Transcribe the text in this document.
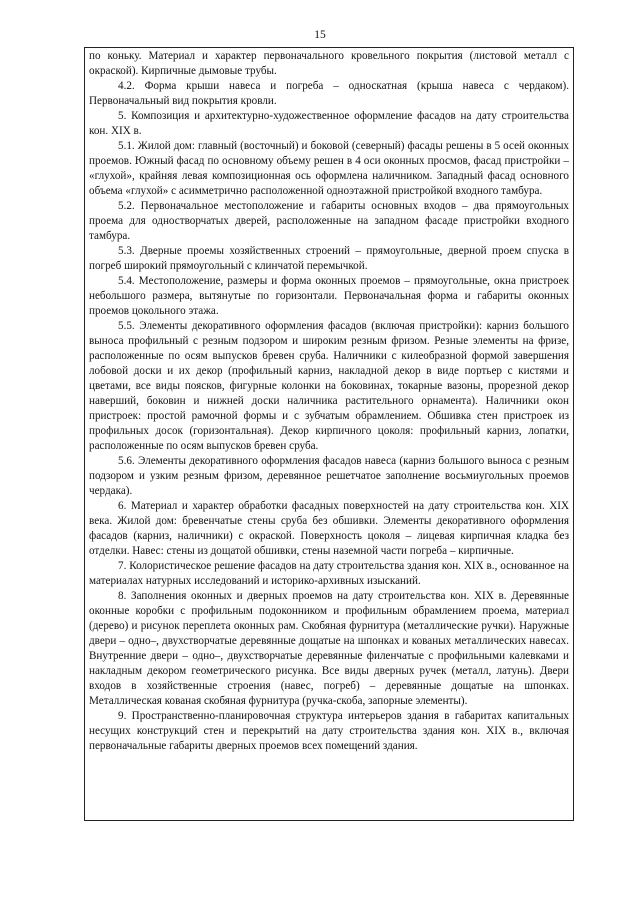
15

по коньку. Материал и характер первоначального кровельного покрытия (листовой металл с окраской). Кирпичные дымовые трубы.

4.2. Форма крыши навеса и погреба – односкатная (крыша навеса с чердаком). Первоначальный вид покрытия кровли.

5. Композиция и архитектурно-художественное оформление фасадов на дату строительства кон. XIX в.

5.1. Жилой дом: главный (восточный) и боковой (северный) фасады решены в 5 осей оконных проемов. Южный фасад по основному объему решен в 4 оси оконных просмов, фасад пристройки – «глухой», крайняя левая композиционная ось оформлена наличником. Западный фасад основного объема «глухой» с асимметрично расположенной одноэтажной пристройкой входного тамбура.

5.2. Первоначальное местоположение и габариты основных входов – два прямоугольных проема для одностворчатых дверей, расположенные на западном фасаде пристройки входного тамбура.

5.3. Дверные проемы хозяйственных строений – прямоугольные, дверной проем спуска в погреб широкий прямоугольный с клинчатой перемычкой.

5.4. Местоположение, размеры и форма оконных проемов – прямоугольные, окна пристроек небольшого размера, вытянутые по горизонтали. Первоначальная форма и габариты оконных проемов цокольного этажа.

5.5. Элементы декоративного оформления фасадов (включая пристройки): карниз большого выноса профильный с резным подзором и широким резным фризом. Резные элементы на фризе, расположенные по осям выпусков бревен сруба. Наличники с килеобразной формой завершения лобовой доски и их декор (профильный карниз, накладной декор в виде портьер с кистями и цветами, все виды поясков, фигурные колонки на боковинах, токарные вазоны, прорезной декор наверший, боковин и нижней доски наличника растительного орнамента). Наличники окон пристроек: простой рамочной формы и с зубчатым обрамлением. Обшивка стен пристроек из профильных досок (горизонтальная). Декор кирпичного цоколя: профильный карниз, лопатки, расположенные по осям выпусков бревен сруба.

5.6. Элементы декоративного оформления фасадов навеса (карниз большого выноса с резным подзором и узким резным фризом, деревянное решетчатое заполнение восьмиугольных проемов чердака).

6. Материал и характер обработки фасадных поверхностей на дату строительства кон. XIX века. Жилой дом: бревенчатые стены сруба без обшивки. Элементы декоративного оформления фасадов (карниз, наличники) с окраской. Поверхность цоколя – лицевая кирпичная кладка без отделки. Навес: стены из дощатой обшивки, стены наземной части погреба – кирпичные.

7. Колористическое решение фасадов на дату строительства здания кон. XIX в., основанное на материалах натурных исследований и историко-архивных изысканий.

8. Заполнения оконных и дверных проемов на дату строительства кон. XIX в. Деревянные оконные коробки с профильным подоконником и профильным обрамлением проема, материал (дерево) и рисунок переплета оконных рам. Скобяная фурнитура (металлические ручки). Наружные двери – одно–, двухстворчатые деревянные дощатые на шпонках и кованых металлических навесах. Внутренние двери – одно–, двухстворчатые деревянные филенчатые с профильными калевками и накладным декором геометрического рисунка. Все виды дверных ручек (металл, латунь). Двери входов в хозяйственные строения (навес, погреб) – деревянные дощатые на шпонках. Металлическая кованая скобяная фурнитура (ручка-скоба, запорные элементы).

9. Пространственно-планировочная структура интерьеров здания в габаритах капитальных несущих конструкций стен и перекрытий на дату строительства здания кон. XIX в., включая первоначальные габариты дверных проемов всех помещений здания.
